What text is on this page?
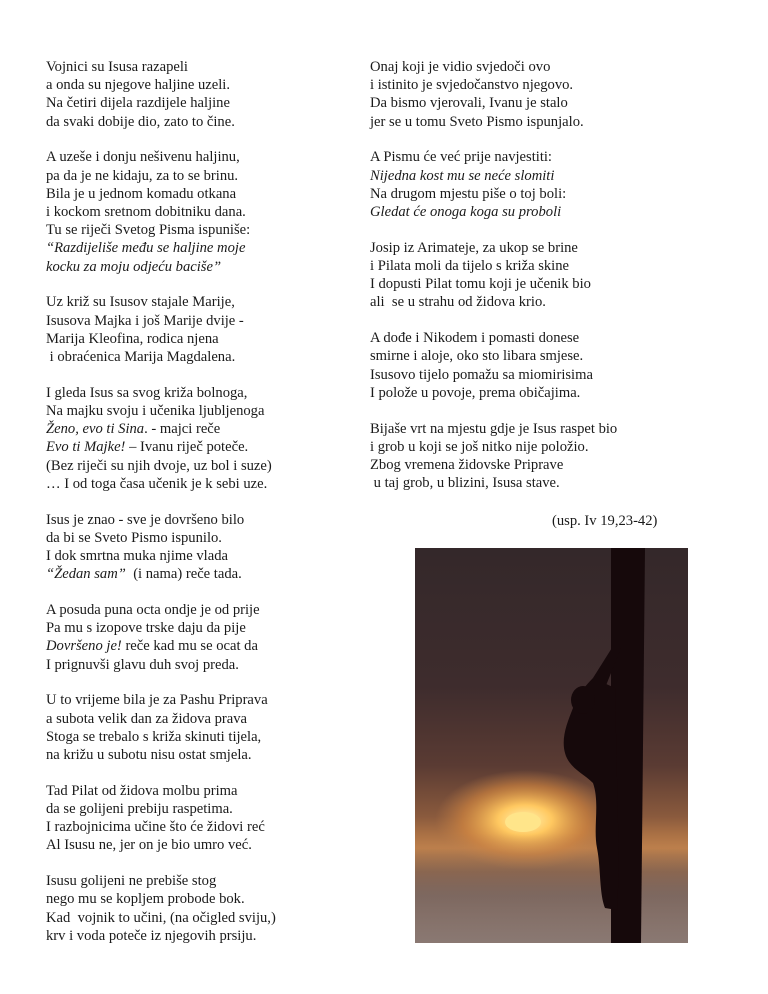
Vojnici su Isusa razapeli
a onda su njegove haljine uzeli.
Na četiri dijela razdijele haljine
da svaki dobije dio, zato to čine.
A uzeše i donju nešivenu haljinu,
pa da je ne kidaju, za to se brinu.
Bila je u jednom komadu otkana
i kockom sretnom dobitniku dana.
Tu se riječi Svetog Pisma ispuniše:
“Razdijeliše među se haljine moje
kocku za moju odjeću baciše”
Uz križ su Isusov stajale Marije,
Isusova Majka i još Marije dvije -
Marija Kleofina, rodica njena
i obraćenica Marija Magdalena.
I gleda Isus sa svog križa bolnoga,
Na majku svoju i učenika ljubljenoga
Ženo, evo ti Sina. - majci reče
Evo ti Majke! – Ivanu riječ poteče.
(Bez riječi su njih dvoje, uz bol i suze)
… I od toga časa učenik je k sebi uze.
Isus je znao - sve je dovršeno bilo
da bi se Sveto Pismo ispunilo.
I dok smrtna muka njime vlada
“Žedan sam”  (i nama) reče tada.
A posuda puna octa ondje je od prije
Pa mu s izopove trske daju da pije
Dovršeno je! reče kad mu se ocat da
I prignuvši glavu duh svoj preda.
U to vrijeme bila je za Pashu Priprava
a subota velik dan za židova prava
Stoga se trebalo s križa skinuti tijela,
na križu u subotu nisu ostat smjela.
Tad Pilat od židova molbu prima
da se golijeni prebiju raspetima.
I razbojnicima učine što će židovi reć
Al Isusu ne, jer on je bio umro već.
Isusu golijeni ne prebiše stog
nego mu se kopljem probode bok.
Kad  vojnik to učini, (na očigled sviju,)
krv i voda poteče iz njegovih prsiju.
Onaj koji je vidio svjedoči ovo
i istinito je svjedočanstvo njegovo.
Da bismo vjerovali, Ivanu je stalo
jer se u tomu Sveto Pismo ispunjalo.
A Pismu će već prije navjestiti:
Nijedna kost mu se neće slomiti
Na drugom mjestu piše o toj boli:
Gledat će onoga koga su proboli
Josip iz Arimateje, za ukop se brine
i Pilata moli da tijelo s križa skine
I dopusti Pilat tomu koji je učenik bio
ali  se u strahu od židova krio.
A dođe i Nikodem i pomasti donese
smirne i aloje, oko sto libara smjese.
Isusovo tijelo pomažu sa miomirisima
I polože u povoje, prema običajima.
Bijaše vrt na mjestu gdje je Isus raspet bio
i grob u koji se još nitko nije položio.
Zbog vremena židovske Priprave
u taj grob, u blizini, Isusa stave.
(usp. Iv 19,23-42)
